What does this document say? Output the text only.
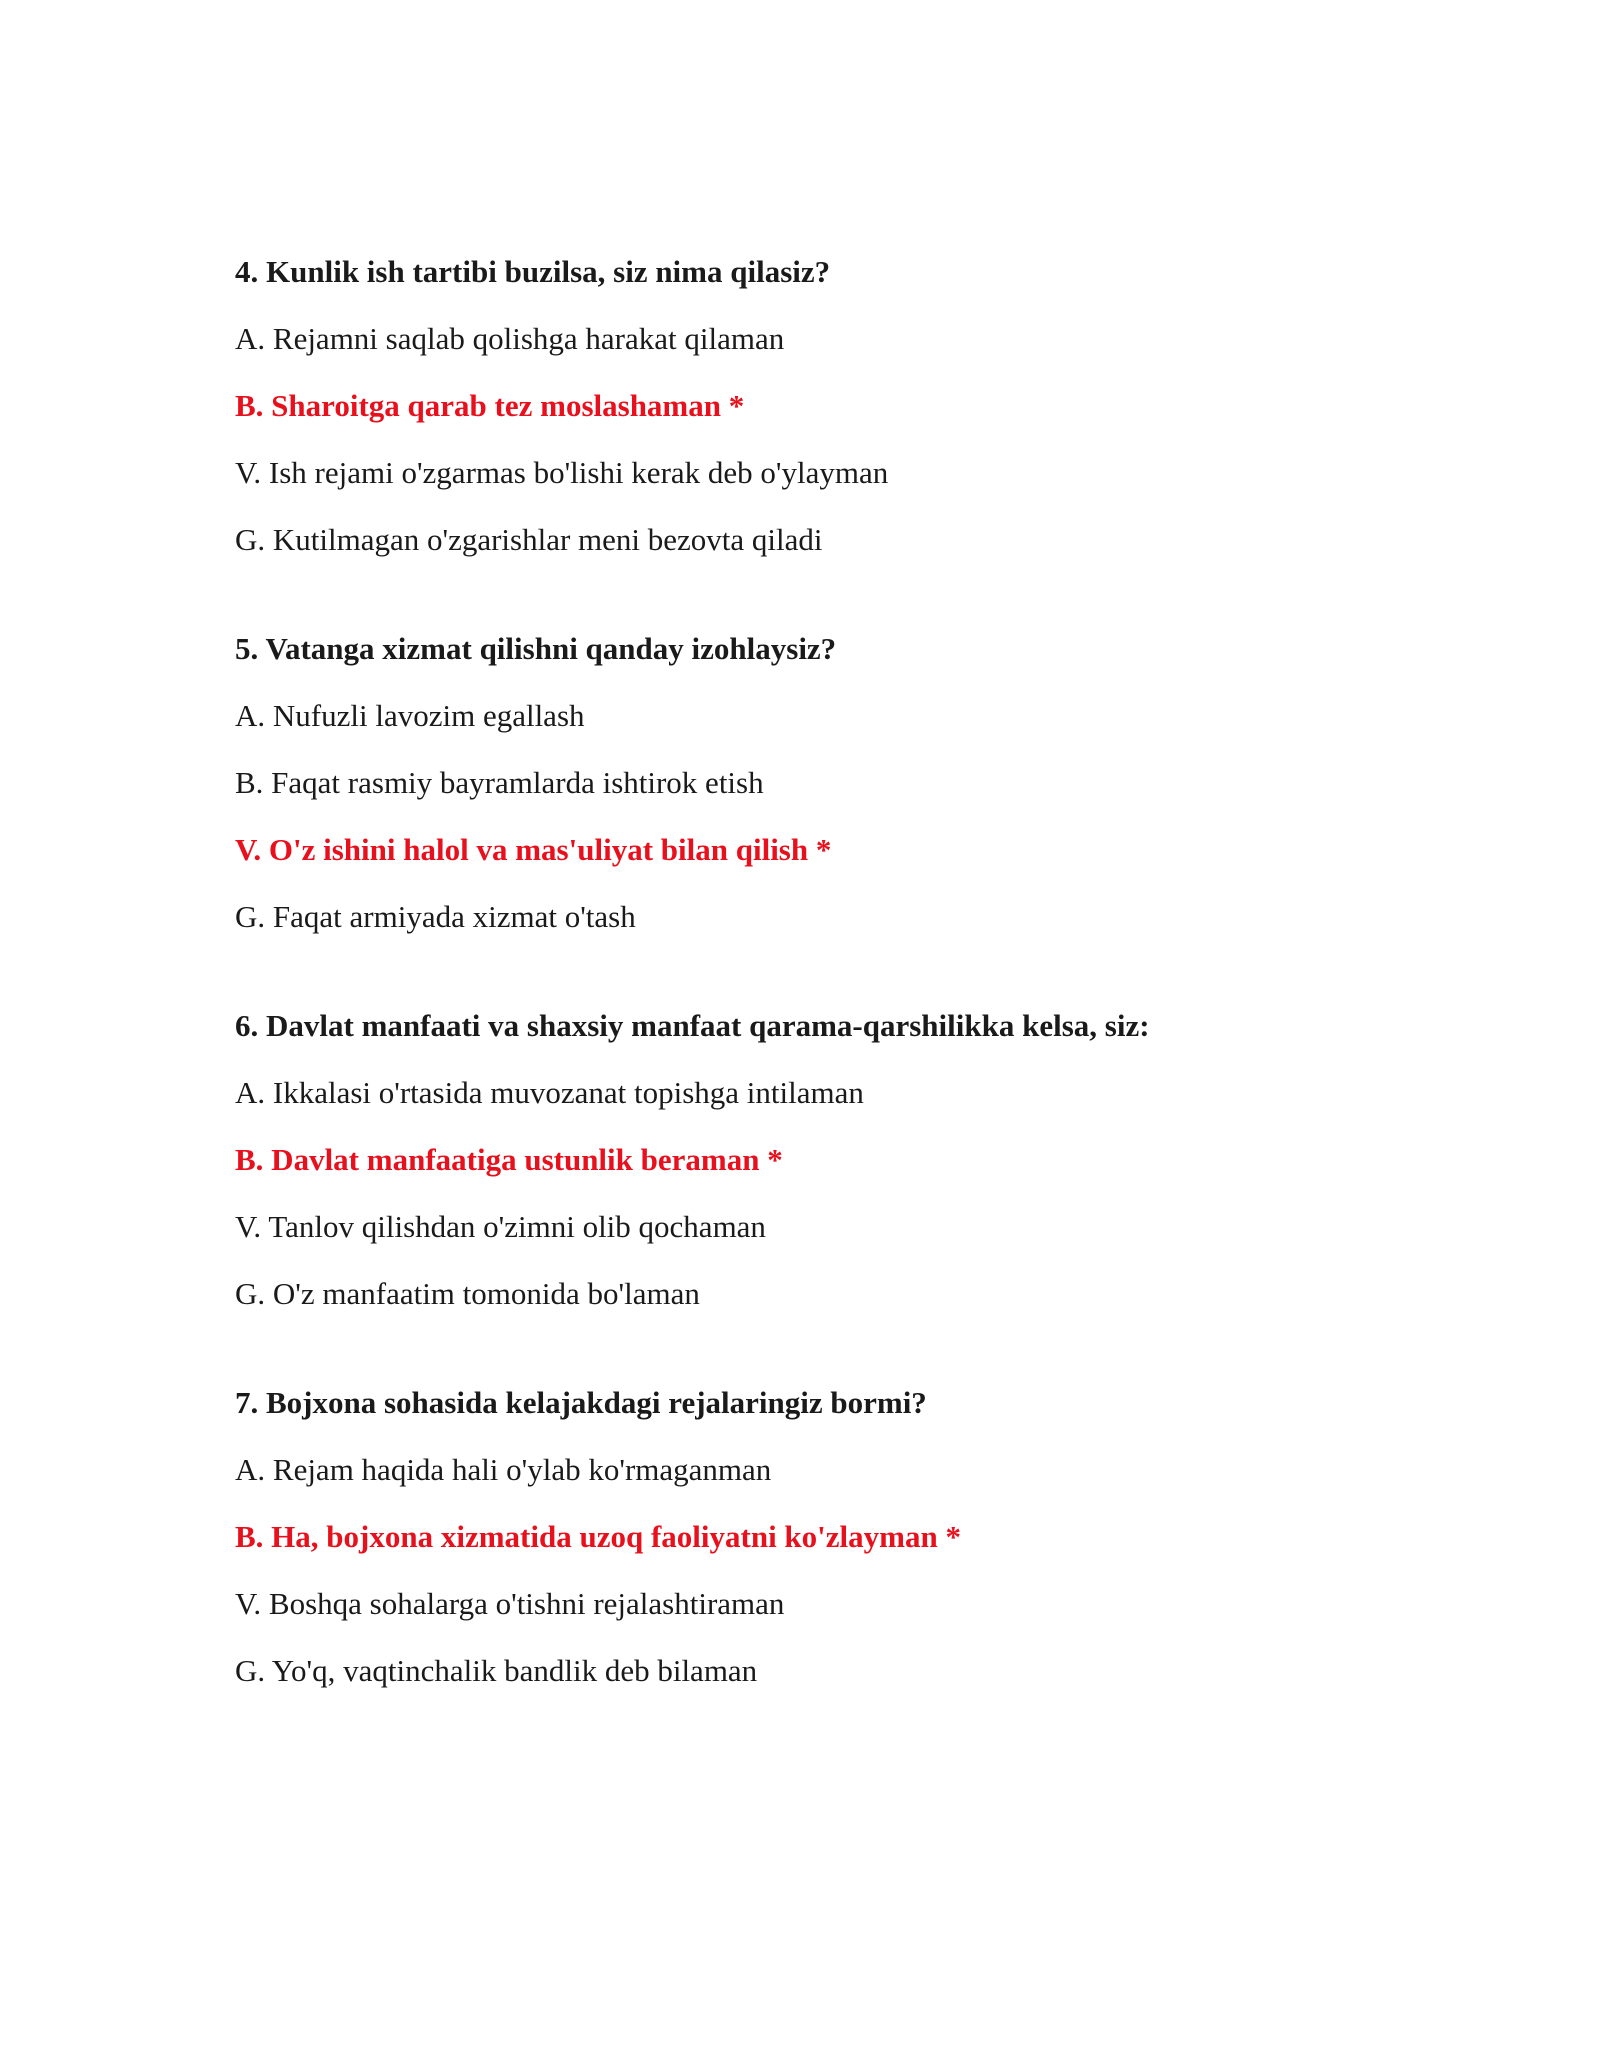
4. Kunlik ish tartibi buzilsa, siz nima qilasiz?
A. Rejamni saqlab qolishga harakat qilaman
B. Sharoitga qarab tez moslashaman *
V. Ish rejami o'zgarmas bo'lishi kerak deb o'ylayman
G. Kutilmagan o'zgarishlar meni bezovta qiladi
5. Vatanga xizmat qilishni qanday izohlaysiz?
A. Nufuzli lavozim egallash
B. Faqat rasmiy bayramlarda ishtirok etish
V. O'z ishini halol va mas'uliyat bilan qilish *
G. Faqat armiyada xizmat o'tash
6. Davlat manfaati va shaxsiy manfaat qarama-qarshilikka kelsa, siz:
A. Ikkalasi o'rtasida muvozanat topishga intilaman
B. Davlat manfaatiga ustunlik beraman *
V. Tanlov qilishdan o'zimni olib qochaman
G. O'z manfaatim tomonida bo'laman
7. Bojxona sohasida kelajakdagi rejalaringiz bormi?
A. Rejam haqida hali o'ylab ko'rmaganman
B. Ha, bojxona xizmatida uzoq faoliyatni ko'zlayman *
V. Boshqa sohalarga o'tishni rejalashtiraman
G. Yo'q, vaqtinchalik bandlik deb bilaman
